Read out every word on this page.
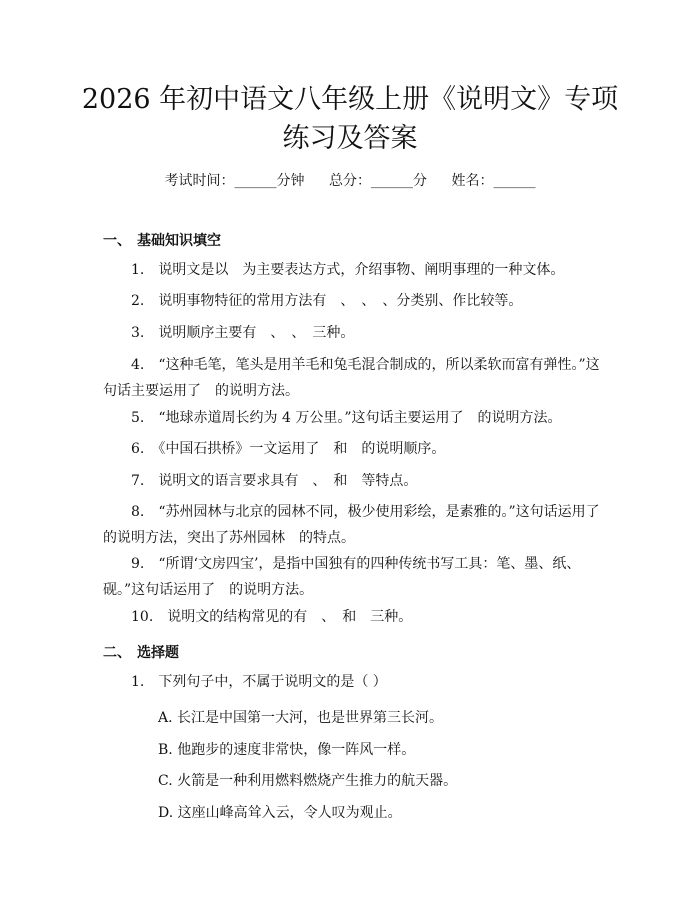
2026 年初中语文八年级上册《说明文》专项
练习及答案
考试时间：______分钟 总分：______分 姓名：______
一、 基础知识填空
1.　 说明文是以　为主要表达方式，介绍事物、阐明事理的一种文体。
2.　 说明事物特征的常用方法有　、　、　、分类别、作比较等。
3.　 说明顺序主要有　、　、　三种。
4.　 “这种毛笔，笔头是用羊毛和兔毛混合制成的，所以柔软而富有弹性。”这句话主要运用了　的说明方法。
5.　 “地球赤道周长约为 4 万公里。”这句话主要运用了　的说明方法。
6.　 《中国石拱桥》一文运用了　和　的说明顺序。
7.　 说明文的语言要求具有　、　和　等特点。
8.　 “苏州园林与北京的园林不同，极少使用彩绘，是素雅的。”这句话运用了　的说明方法，突出了苏州园林　的特点。
9.　 “所谓‘文房四宝’，是指中国独有的四种传统书写工具：笔、墨、纸、砚。”这句话运用了　的说明方法。
10.　 说明文的结构常见的有　、　和　三种。
二、 选择题
1.　 下列句子中，不属于说明文的是（ ）
A. 长江是中国第一大河，也是世界第三长河。
B. 他跑步的速度非常快，像一阵风一样。
C. 火箭是一种利用燃料燃烧产生推力的航天器。
D. 这座山峰高耸入云，令人叹为观止。
